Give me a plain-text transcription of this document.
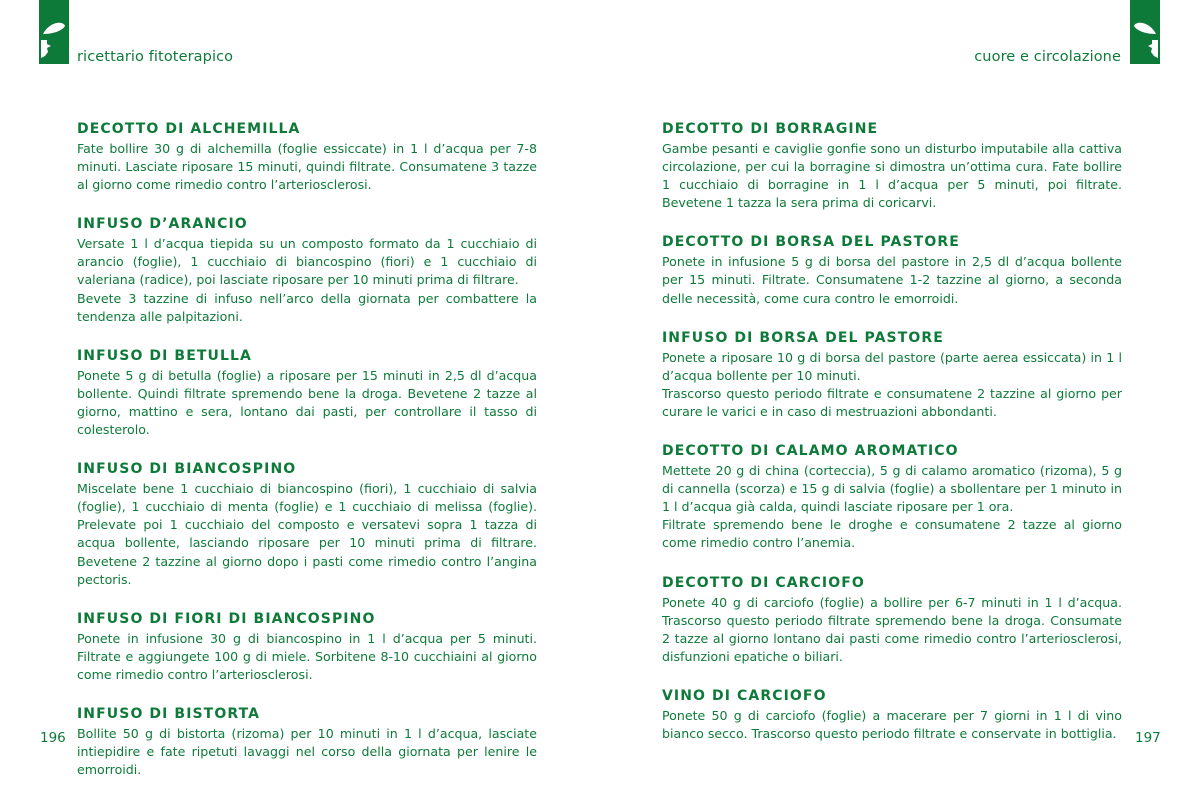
ricettario fitoterapico
DECOTTO DI ALCHEMILLA

Fate bollire 30 g di alchemilla (foglie essiccate) in 1 l d’acqua per 7-8 minuti. Lasciate riposare 15 minuti, quindi filtrate. Consumatene 3 tazze al giorno come rimedio contro l’arteriosclerosi.

INFUSO D’ARANCIO

Versate 1 l d’acqua tiepida su un composto formato da 1 cucchiaio di arancio (foglie), 1 cucchiaio di biancospino (fiori) e 1 cucchiaio di valeriana (radice), poi lasciate riposare per 10 minuti prima di filtrare.

Bevete 3 tazzine di infuso nell’arco della giornata per combattere la tendenza alle palpitazioni.

INFUSO DI BETULLA

Ponete 5 g di betulla (foglie) a riposare per 15 minuti in 2,5 dl d’acqua bollente. Quindi filtrate spremendo bene la droga. Bevetene 2 tazze al giorno, mattino e sera, lontano dai pasti, per controllare il tasso di colesterolo.

INFUSO DI BIANCOSPINO

Miscelate bene 1 cucchiaio di biancospino (fiori), 1 cucchiaio di salvia (foglie), 1 cucchiaio di menta (foglie) e 1 cucchiaio di melissa (foglie). Prelevate poi 1 cucchiaio del composto e versatevi sopra 1 tazza di acqua bollente, lasciando riposare per 10 minuti prima di filtrare. Bevetene 2 tazzine al giorno dopo i pasti come rimedio contro l’angina pectoris.

INFUSO DI FIORI DI BIANCOSPINO

Ponete in infusione 30 g di biancospino in 1 l d’acqua per 5 minuti. Filtrate e aggiungete 100 g di miele. Sorbitene 8-10 cucchiaini al giorno come rimedio contro l’arteriosclerosi.

INFUSO DI BISTORTA

Bollite 50 g di bistorta (rizoma) per 10 minuti in 1 l d’acqua, lasciate intiepidire e fate ripetuti lavaggi nel corso della giornata per lenire le emorroidi.

196
cuore e circolazione
DECOTTO DI BORRAGINE

Gambe pesanti e caviglie gonfie sono un disturbo imputabile alla cattiva circolazione, per cui la borragine si dimostra un’ottima cura. Fate bollire 1 cucchiaio di borragine in 1 l d’acqua per 5 minuti, poi filtrate. Bevetene 1 tazza la sera prima di coricarvi.

DECOTTO DI BORSA DEL PASTORE

Ponete in infusione 5 g di borsa del pastore in 2,5 dl d’acqua bollente per 15 minuti. Filtrate. Consumatene 1-2 tazzine al giorno, a seconda delle necessità, come cura contro le emorroidi.

INFUSO DI BORSA DEL PASTORE

Ponete a riposare 10 g di borsa del pastore (parte aerea essiccata) in 1 l d’acqua bollente per 10 minuti.

Trascorso questo periodo filtrate e consumatene 2 tazzine al giorno per curare le varici e in caso di mestruazioni abbondanti.

DECOTTO DI CALAMO AROMATICO

Mettete 20 g di china (corteccia), 5 g di calamo aromatico (rizoma), 5 g di cannella (scorza) e 15 g di salvia (foglie) a sbollentare per 1 minuto in 1 l d’acqua già calda, quindi lasciate riposare per 1 ora.

Filtrate spremendo bene le droghe e consumatene 2 tazze al giorno come rimedio contro l’anemia.

DECOTTO DI CARCIOFO

Ponete 40 g di carciofo (foglie) a bollire per 6-7 minuti in 1 l d’acqua. Trascorso questo periodo filtrate spremendo bene la droga. Consumate 2 tazze al giorno lontano dai pasti come rimedio contro l’arteriosclerosi, disfunzioni epatiche o biliari.

VINO DI CARCIOFO

Ponete 50 g di carciofo (foglie) a macerare per 7 giorni in 1 l di vino bianco secco. Trascorso questo periodo filtrate e conservate in bottiglia.	197
